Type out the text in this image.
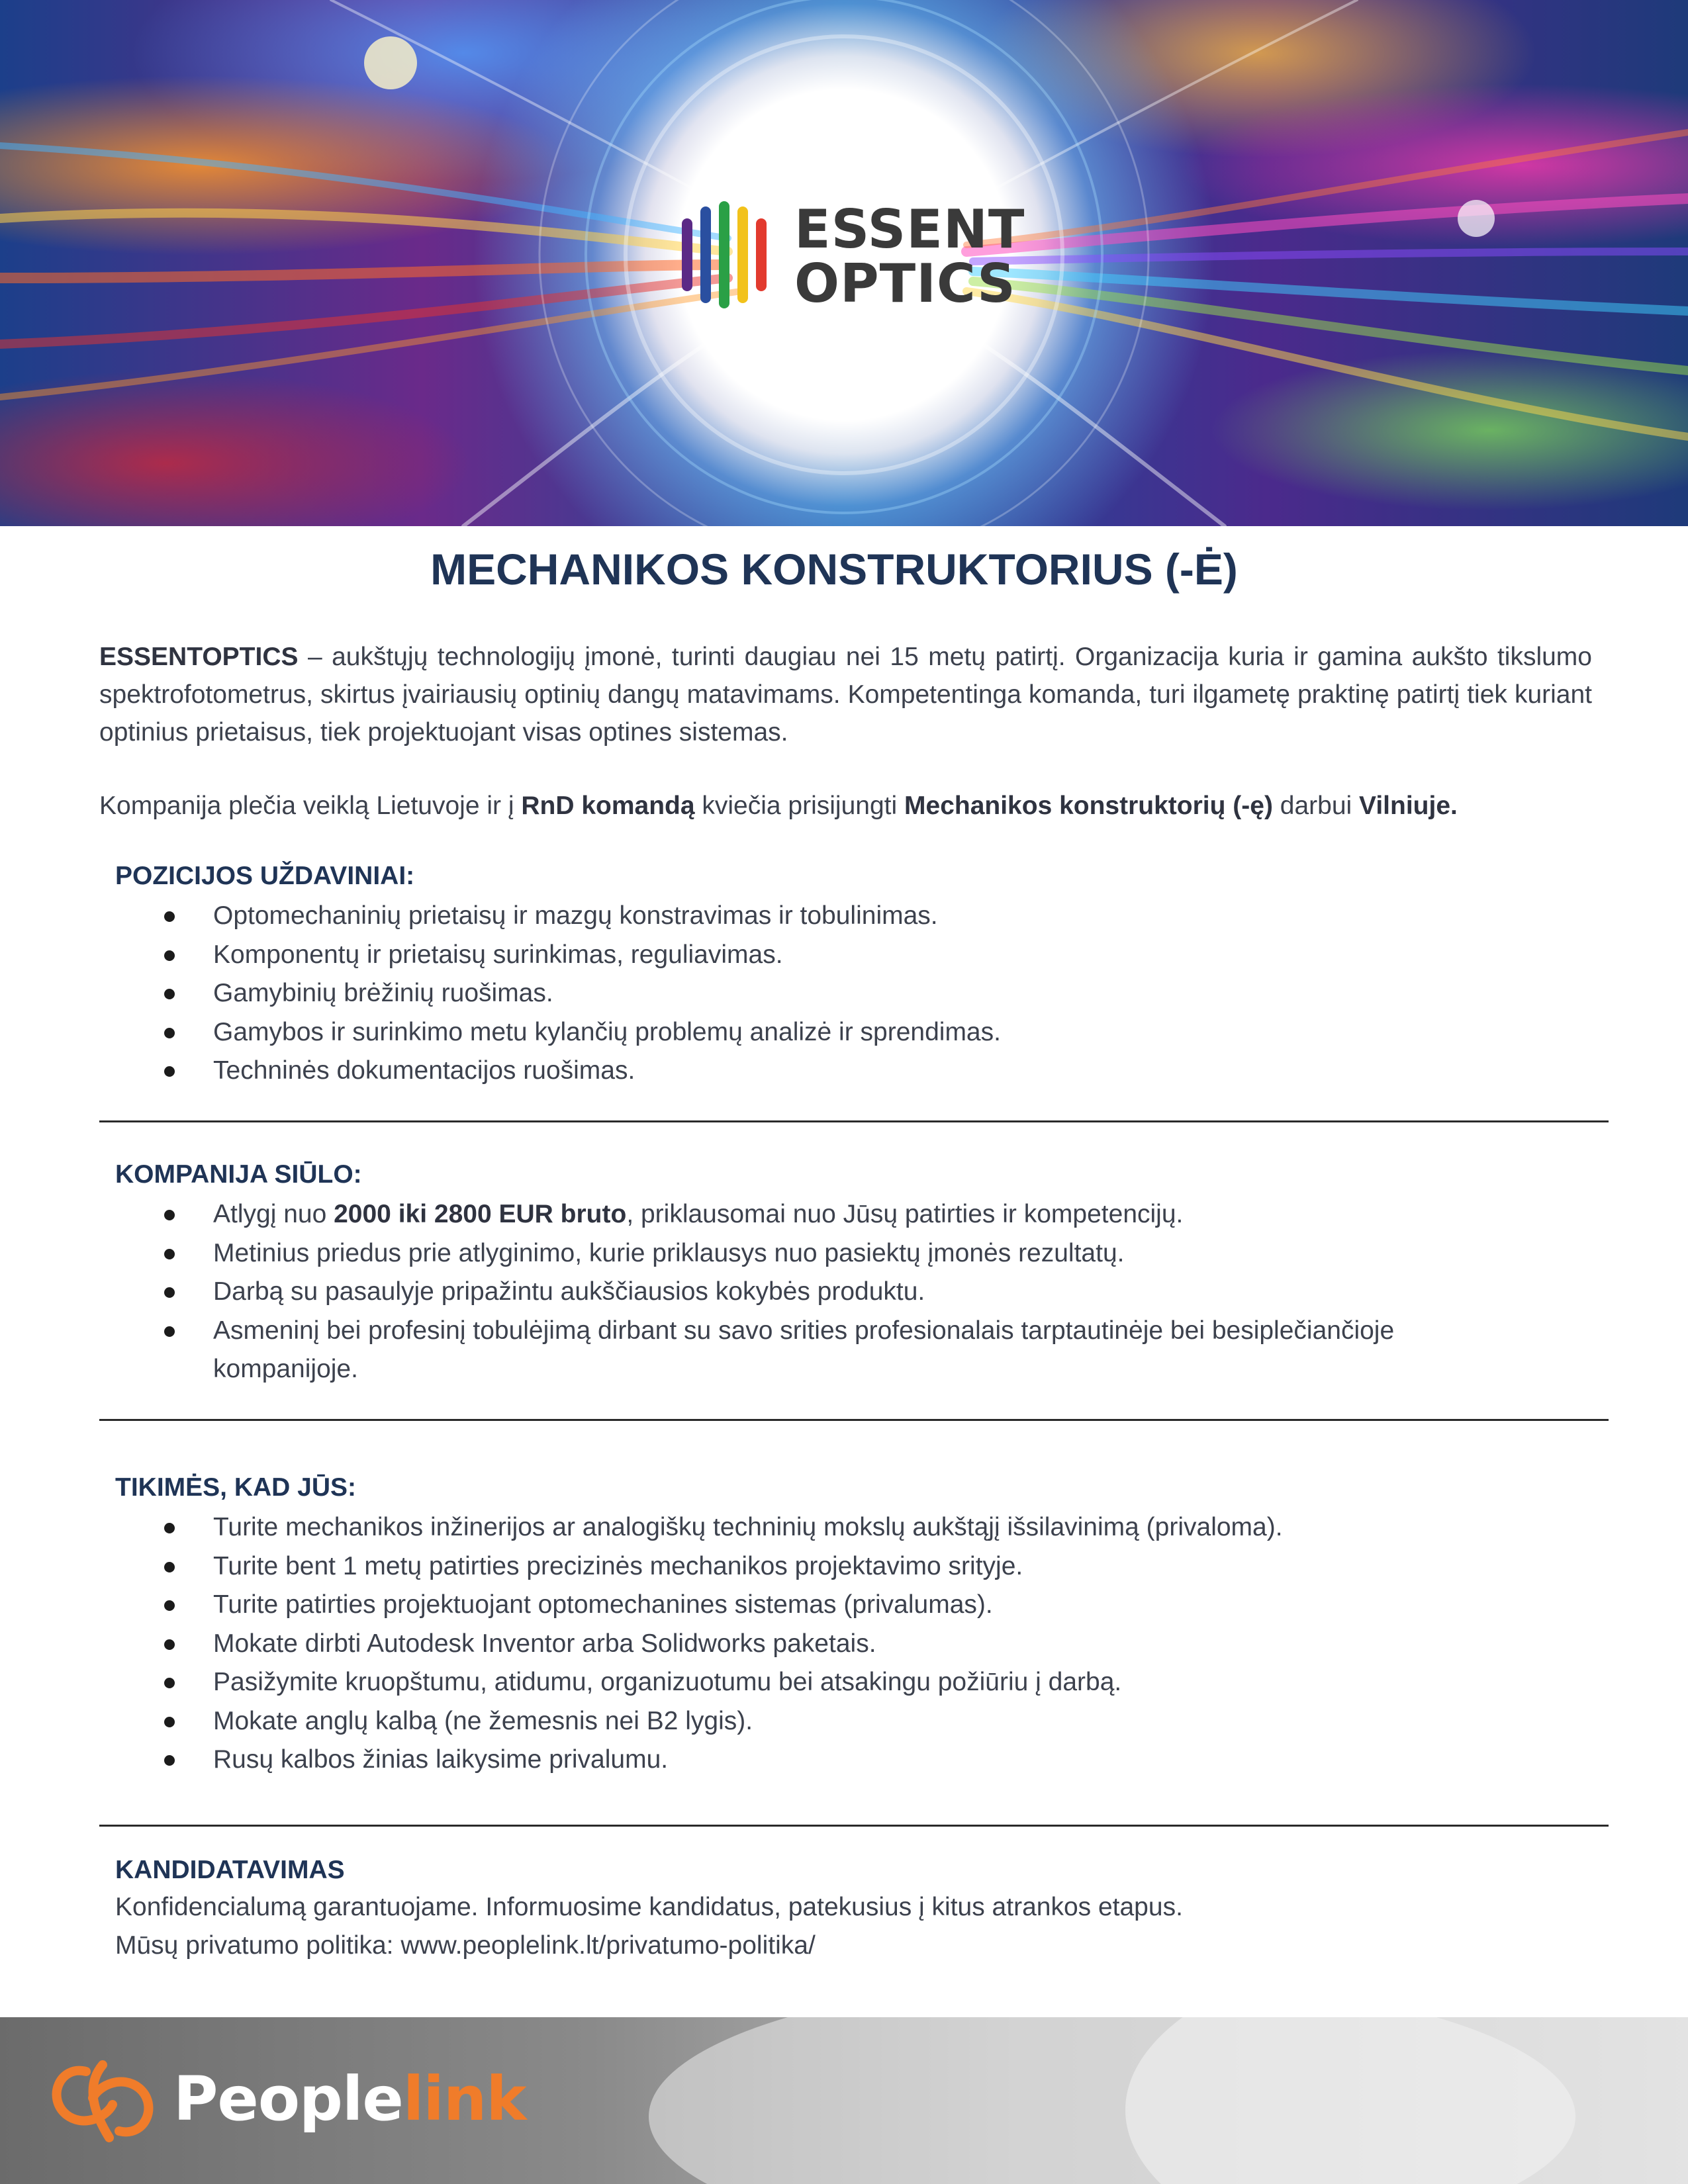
ESSENT
OPTICS
MECHANIKOS KONSTRUKTORIUS (-Ė)
ESSENTOPTICS – aukštųjų technologijų įmonė, turinti daugiau nei 15 metų patirtį. Organizacija kuria ir gamina aukšto tikslumo spektrofotometrus, skirtus įvairiausių optinių dangų matavimams. Kompetentinga komanda, turi ilgametę praktinę patirtį tiek kuriant optinius prietaisus, tiek projektuojant visas optines sistemas.
Kompanija plečia veiklą Lietuvoje ir į RnD komandą kviečia prisijungti Mechanikos konstruktorių (-ę) darbui Vilniuje.
POZICIJOS UŽDAVINIAI:
Optomechaninių prietaisų ir mazgų konstravimas ir tobulinimas.
Komponentų ir prietaisų surinkimas, reguliavimas.
Gamybinių brėžinių ruošimas.
Gamybos ir surinkimo metu kylančių problemų analizė ir sprendimas.
Techninės dokumentacijos ruošimas.
KOMPANIJA SIŪLO:
Atlygį nuo 2000 iki 2800 EUR bruto, priklausomai nuo Jūsų patirties ir kompetencijų.
Metinius priedus prie atlyginimo, kurie priklausys nuo pasiektų įmonės rezultatų.
Darbą su pasaulyje pripažintu aukščiausios kokybės produktu.
Asmeninį bei profesinį tobulėjimą dirbant su savo srities profesionalais tarptautinėje bei besiplečiančioje kompanijoje.
TIKIMĖS, KAD JŪS:
Turite mechanikos inžinerijos ar analogiškų techninių mokslų aukštąjį išsilavinimą (privaloma).
Turite bent 1 metų patirties precizinės mechanikos projektavimo srityje.
Turite patirties projektuojant optomechanines sistemas (privalumas).
Mokate dirbti Autodesk Inventor arba Solidworks paketais.
Pasižymite kruopštumu, atidumu, organizuotumu bei atsakingu požiūriu į darbą.
Mokate anglų kalbą (ne žemesnis nei B2 lygis).
Rusų kalbos žinias laikysime privalumu.
KANDIDATAVIMAS
Konfidencialumą garantuojame. Informuosime kandidatus, patekusius į kitus atrankos etapus.
Mūsų privatumo politika: www.peoplelink.lt/privatumo-politika/
Peoplelink
